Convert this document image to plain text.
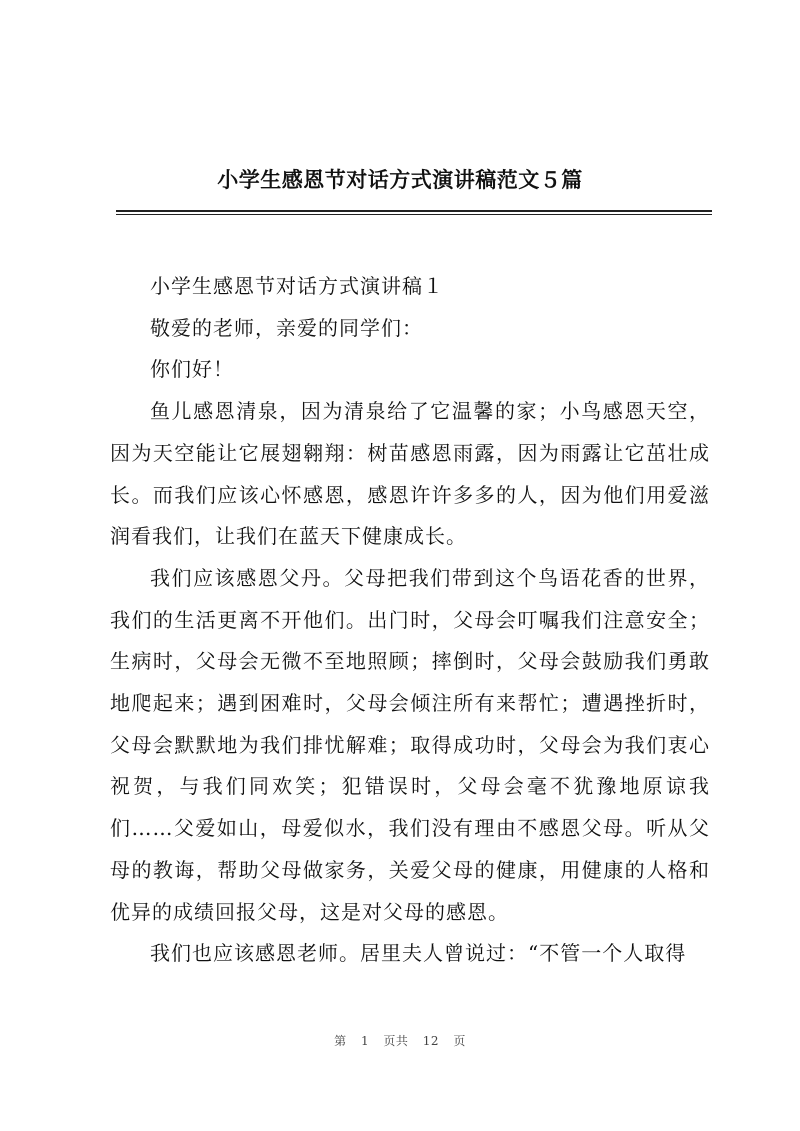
小学生感恩节对话方式演讲稿范文５篇

小学生感恩节对话方式演讲稿１

敬爱的老师，亲爱的同学们：

你们好！

鱼儿感恩清泉，因为清泉给了它温馨的家；小鸟感恩天空，因为天空能让它展翅翱翔：树苗感恩雨露，因为雨露让它茁壮成长。而我们应该心怀感恩，感恩许许多多的人，因为他们用爱滋润看我们，让我们在蓝天下健康成长。

我们应该感恩父丹。父母把我们带到这个鸟语花香的世界，我们的生活更离不开他们。出门时，父母会叮嘱我们注意安全；生病时，父母会无微不至地照顾；摔倒时，父母会鼓励我们勇敢地爬起来；遇到困难时，父母会倾注所有来帮忙；遭遇挫折时，父母会默默地为我们排忧解难；取得成功时，父母会为我们衷心祝贺，与我们同欢笑；犯错误时，父母会毫不犹豫地原谅我们……父爱如山，母爱似水，我们没有理由不感恩父母。听从父母的教诲，帮助父母做家务，关爱父母的健康，用健康的人格和优异的成绩回报父母，这是对父母的感恩。

我们也应该感恩老师。居里夫人曾说过：“不管一个人取得

第 1 页共 12 页
